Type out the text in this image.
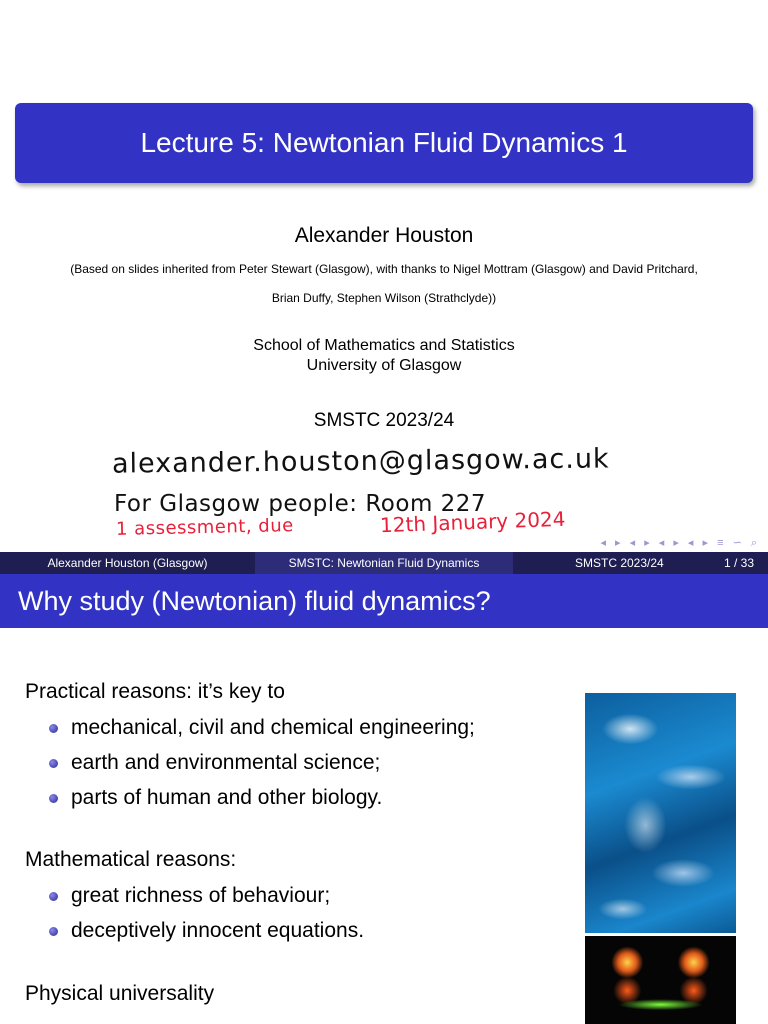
Lecture 5: Newtonian Fluid Dynamics 1
Alexander Houston
(Based on slides inherited from Peter Stewart (Glasgow), with thanks to Nigel Mottram (Glasgow) and David Pritchard,
Brian Duffy, Stephen Wilson (Strathclyde))
School of Mathematics and Statistics
University of Glasgow
SMSTC 2023/24
alexander.houston@glasgow.ac.uk
For Glasgow people: Room 227
1 assessment, due	12th January 2024
◂ ▸ ◂ ▸ ◂ ▸ ◂ ▸ ≡ ∽ ⌕
Alexander Houston (Glasgow)	SMSTC: Newtonian Fluid Dynamics	SMSTC 2023/24	1 / 33
Why study (Newtonian) fluid dynamics?
Practical reasons: it’s key to
mechanical, civil and chemical engineering;
earth and environmental science;
parts of human and other biology.
Mathematical reasons:
great richness of behaviour;
deceptively innocent equations.
Physical universality
